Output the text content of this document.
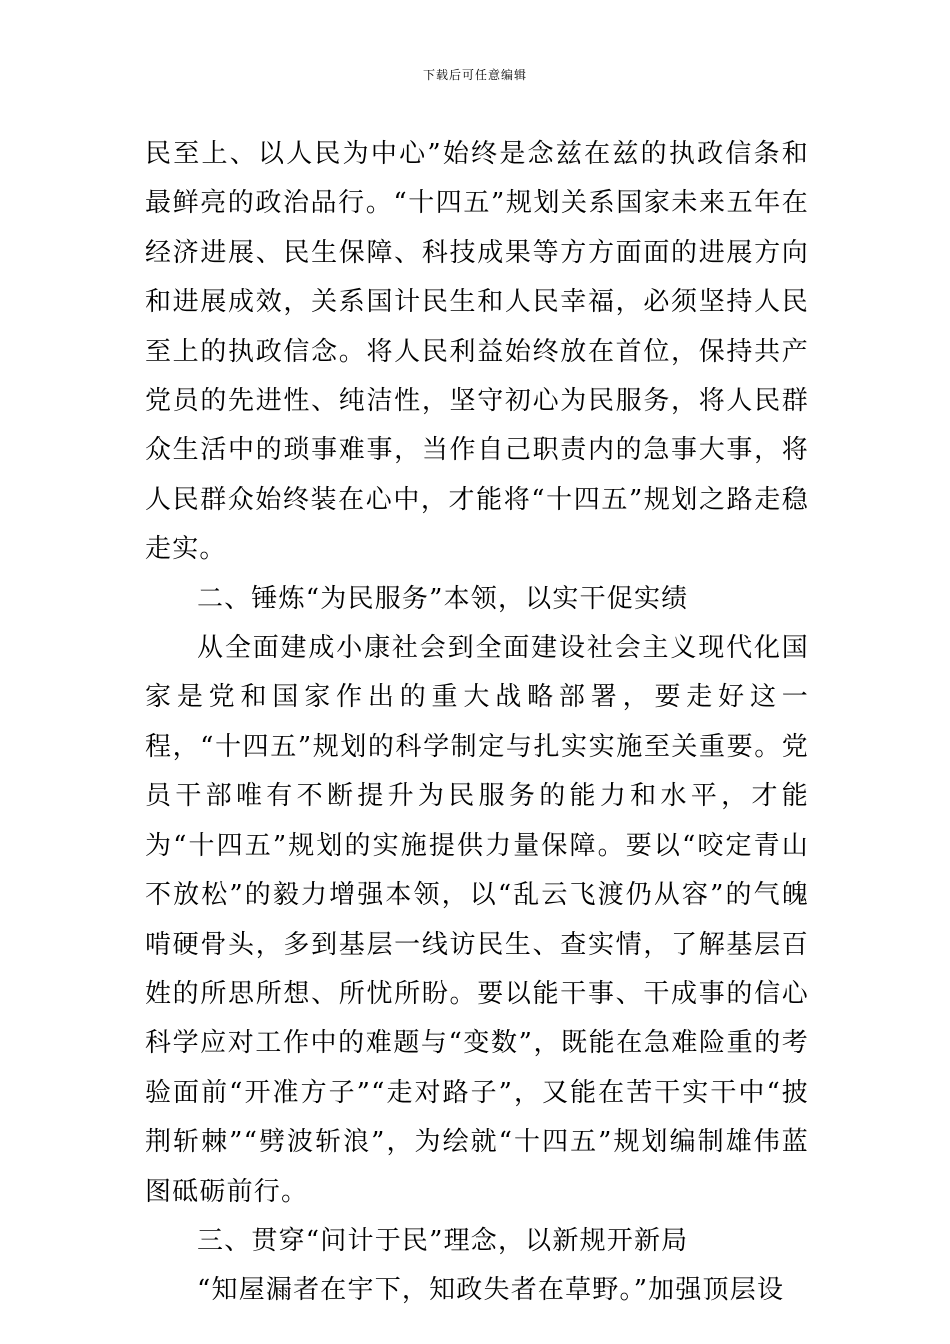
下载后可任意编辑

民至上、以人民为中心”始终是念兹在兹的执政信条和最鲜亮的政治品行。“十四五”规划关系国家未来五年在经济进展、民生保障、科技成果等方方面面的进展方向和进展成效，关系国计民生和人民幸福，必须坚持人民至上的执政信念。将人民利益始终放在首位，保持共产党员的先进性、纯洁性，坚守初心为民服务，将人民群众生活中的琐事难事，当作自己职责内的急事大事，将人民群众始终装在心中，才能将“十四五”规划之路走稳走实。

二、锤炼“为民服务”本领，以实干促实绩

从全面建成小康社会到全面建设社会主义现代化国家是党和国家作出的重大战略部署，要走好这一程，“十四五”规划的科学制定与扎实实施至关重要。党员干部唯有不断提升为民服务的能力和水平，才能为“十四五”规划的实施提供力量保障。要以“咬定青山不放松”的毅力增强本领，以“乱云飞渡仍从容”的气魄啃硬骨头，多到基层一线访民生、查实情，了解基层百姓的所思所想、所忧所盼。要以能干事、干成事的信心科学应对工作中的难题与“变数”，既能在急难险重的考验面前“开准方子”“走对路子”，又能在苦干实干中“披荆斩棘”“劈波斩浪”，为绘就“十四五”规划编制雄伟蓝图砥砺前行。

三、贯穿“问计于民”理念，以新规开新局

“知屋漏者在宇下，知政失者在草野。”加强顶层设
